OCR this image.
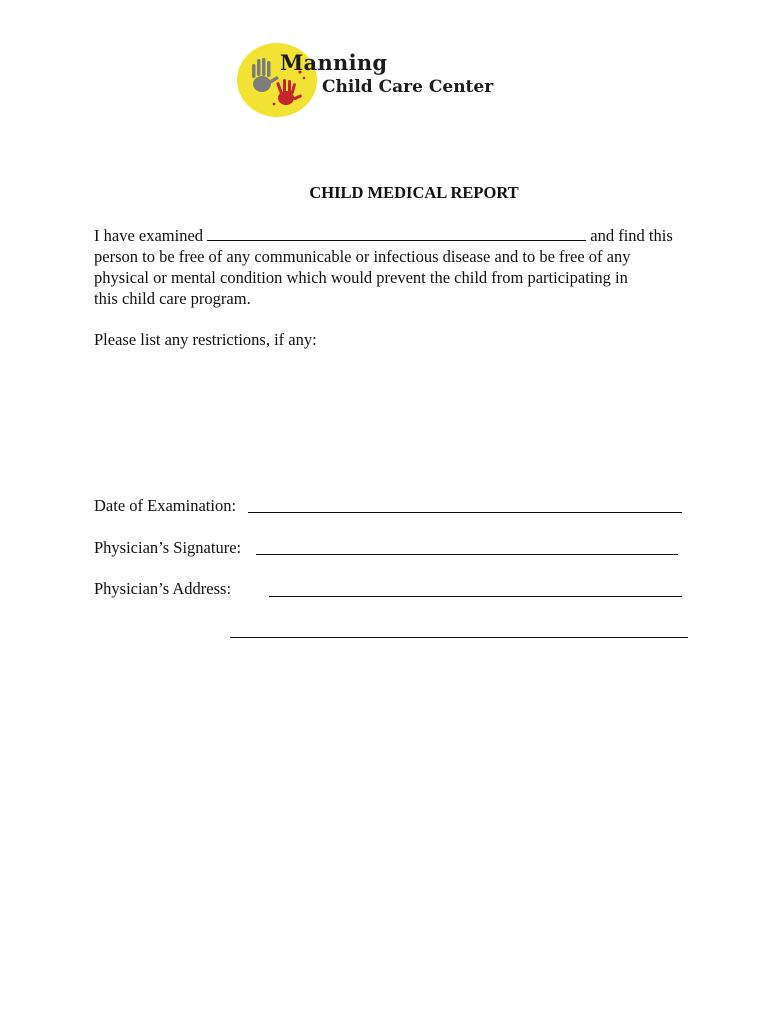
Manning
Child Care Center
CHILD MEDICAL REPORT
I have examined	and find this
person to be free of any communicable or infectious disease and to be free of any
physical or mental condition which would prevent the child from participating in
this child care program.
Please list any restrictions, if any:
Date of Examination:
Physician’s Signature:
Physician’s Address:
